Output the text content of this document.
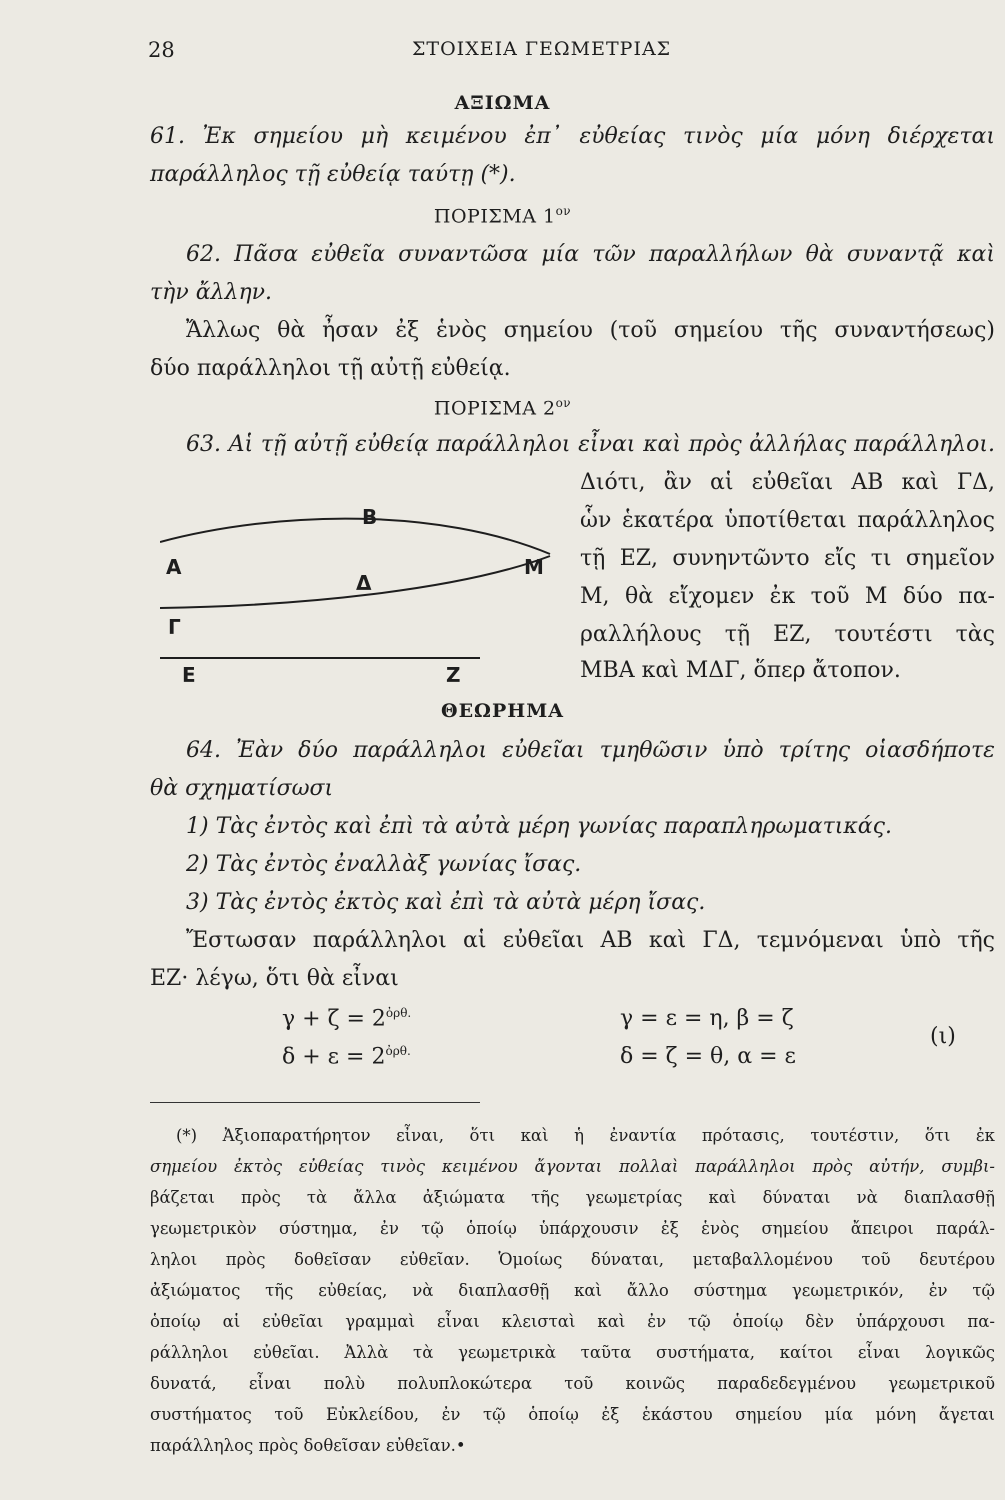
28	ΣΤΟΙΧΕΙΑ ΓΕΩΜΕΤΡΙΑΣ
ΑΞΙΩΜΑ
61. Ἐκ σημείου μὴ κειμένου ἐπ᾽ εὐθείας τινὸς μία μόνη διέρχεται
παράλληλος τῇ εὐθείᾳ ταύτῃ (*).
ΠΟΡΙΣΜΑ $1^{o\nu}$
62. Πᾶσα εὐθεῖα συναντῶσα μία τῶν παραλλήλων θὰ συναντᾷ καὶ
τὴν ἄλλην.
Ἄλλως θὰ ἦσαν ἐξ ἑνὸς σημείου (τοῦ σημείου τῆς συναντήσεως)
δύο παράλληλοι τῇ αὐτῇ εὐθείᾳ.
ΠΟΡΙΣΜΑ $2^{o\nu}$
63. Αἱ τῇ αὐτῇ εὐθείᾳ παράλληλοι εἶναι καὶ πρὸς ἀλλήλας παράλληλοι.
Διότι, ἂν αἱ εὐθεῖαι ΑΒ καὶ ΓΔ,
ὧν ἑκατέρα ὑποτίθεται παράλληλος
τῇ ΕΖ, συνηντῶντο εἴς τι σημεῖον
Μ, θὰ εἴχομεν ἐκ τοῦ Μ δύο πα-
ραλλήλους τῇ ΕΖ, τουτέστι τὰς
ΜΒΑ καὶ ΜΔΓ, ὅπερ ἄτοπον.
Α
Β
Γ
Δ
Ε	Ζ
Μ
ΘΕΩΡΗΜΑ
64. Ἐὰν δύο παράλληλοι εὐθεῖαι τμηθῶσιν ὑπὸ τρίτης οἱασδήποτε
θὰ σχηματίσωσι
1) Τὰς ἐντὸς καὶ ἐπὶ τὰ αὐτὰ μέρη γωνίας παραπληρωματικάς.
2) Τὰς ἐντὸς ἐναλλὰξ γωνίας ἴσας.
3) Τὰς ἐντὸς ἐκτὸς καὶ ἐπὶ τὰ αὐτὰ μέρη ἴσας.
Ἔστωσαν παράλληλοι αἱ εὐθεῖαι ΑΒ καὶ ΓΔ, τεμνόμεναι ὑπὸ τῆς
ΕΖ· λέγω, ὅτι θὰ εἶναι
$\gamma + \zeta = 2^{ὀ\rho\theta.}$
$\delta + \varepsilon = 2^{ὀ\rho\theta.}$
γ = ε = η, β = ζ
δ = ζ = θ, α = ε
(ι)
(*) Ἀξιοπαρατήρητον εἶναι, ὅτι καὶ ἡ ἐναντία πρότασις, τουτέστιν, ὅτι ἐκ
σημείου ἐκτὸς εὐθείας τινὸς κειμένου ἄγονται πολλαὶ παράλληλοι πρὸς αὐτήν, συμβι-
βάζεται πρὸς τὰ ἄλλα ἀξιώματα τῆς γεωμετρίας καὶ δύναται νὰ διαπλασθῇ
γεωμετρικὸν σύστημα, ἐν τῷ ὁποίῳ ὑπάρχουσιν ἐξ ἑνὸς σημείου ἄπειροι παράλ-
ληλοι πρὸς δοθεῖσαν εὐθεῖαν. Ὁμοίως δύναται, μεταβαλλομένου τοῦ δευτέρου
ἀξιώματος τῆς εὐθείας, νὰ διαπλασθῇ καὶ ἄλλο σύστημα γεωμετρικόν, ἐν τῷ
ὁποίῳ αἱ εὐθεῖαι γραμμαὶ εἶναι κλεισταὶ καὶ ἐν τῷ ὁποίῳ δὲν ὑπάρχουσι πα-
ράλληλοι εὐθεῖαι. Ἀλλὰ τὰ γεωμετρικὰ ταῦτα συστήματα, καίτοι εἶναι λογικῶς
δυνατά, εἶναι πολὺ πολυπλοκώτερα τοῦ κοινῶς παραδεδεγμένου γεωμετρικοῦ
συστήματος τοῦ Εὐκλείδου, ἐν τῷ ὁποίῳ ἐξ ἑκάστου σημείου μία μόνη ἄγεται
παράλληλος πρὸς δοθεῖσαν εὐθεῖαν.•
